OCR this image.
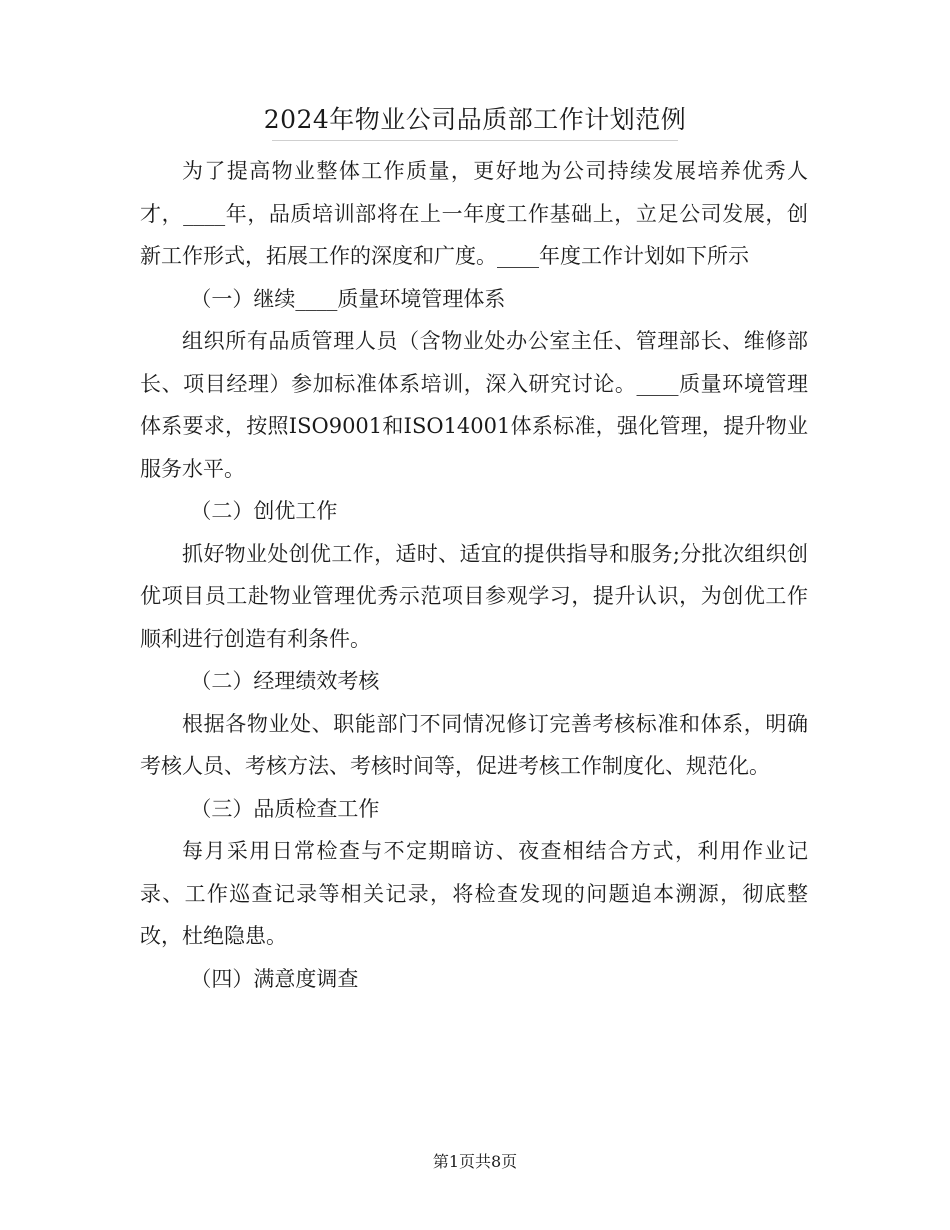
2024年物业公司品质部工作计划范例

为了提高物业整体工作质量，更好地为公司持续发展培养优秀人才，____年，品质培训部将在上一年度工作基础上，立足公司发展，创新工作形式，拓展工作的深度和广度。____年度工作计划如下所示

（一）继续____质量环境管理体系

组织所有品质管理人员（含物业处办公室主任、管理部长、维修部长、项目经理）参加标准体系培训，深入研究讨论。____质量环境管理体系要求，按照ISO9001和ISO14001体系标准，强化管理，提升物业服务水平。

（二）创优工作

抓好物业处创优工作，适时、适宜的提供指导和服务;分批次组织创优项目员工赴物业管理优秀示范项目参观学习，提升认识，为创优工作顺利进行创造有利条件。

（二）经理绩效考核

根据各物业处、职能部门不同情况修订完善考核标准和体系，明确考核人员、考核方法、考核时间等，促进考核工作制度化、规范化。

（三）品质检查工作

每月采用日常检查与不定期暗访、夜查相结合方式，利用作业记录、工作巡查记录等相关记录，将检查发现的问题追本溯源，彻底整改，杜绝隐患。

（四）满意度调查

第1页共8页
